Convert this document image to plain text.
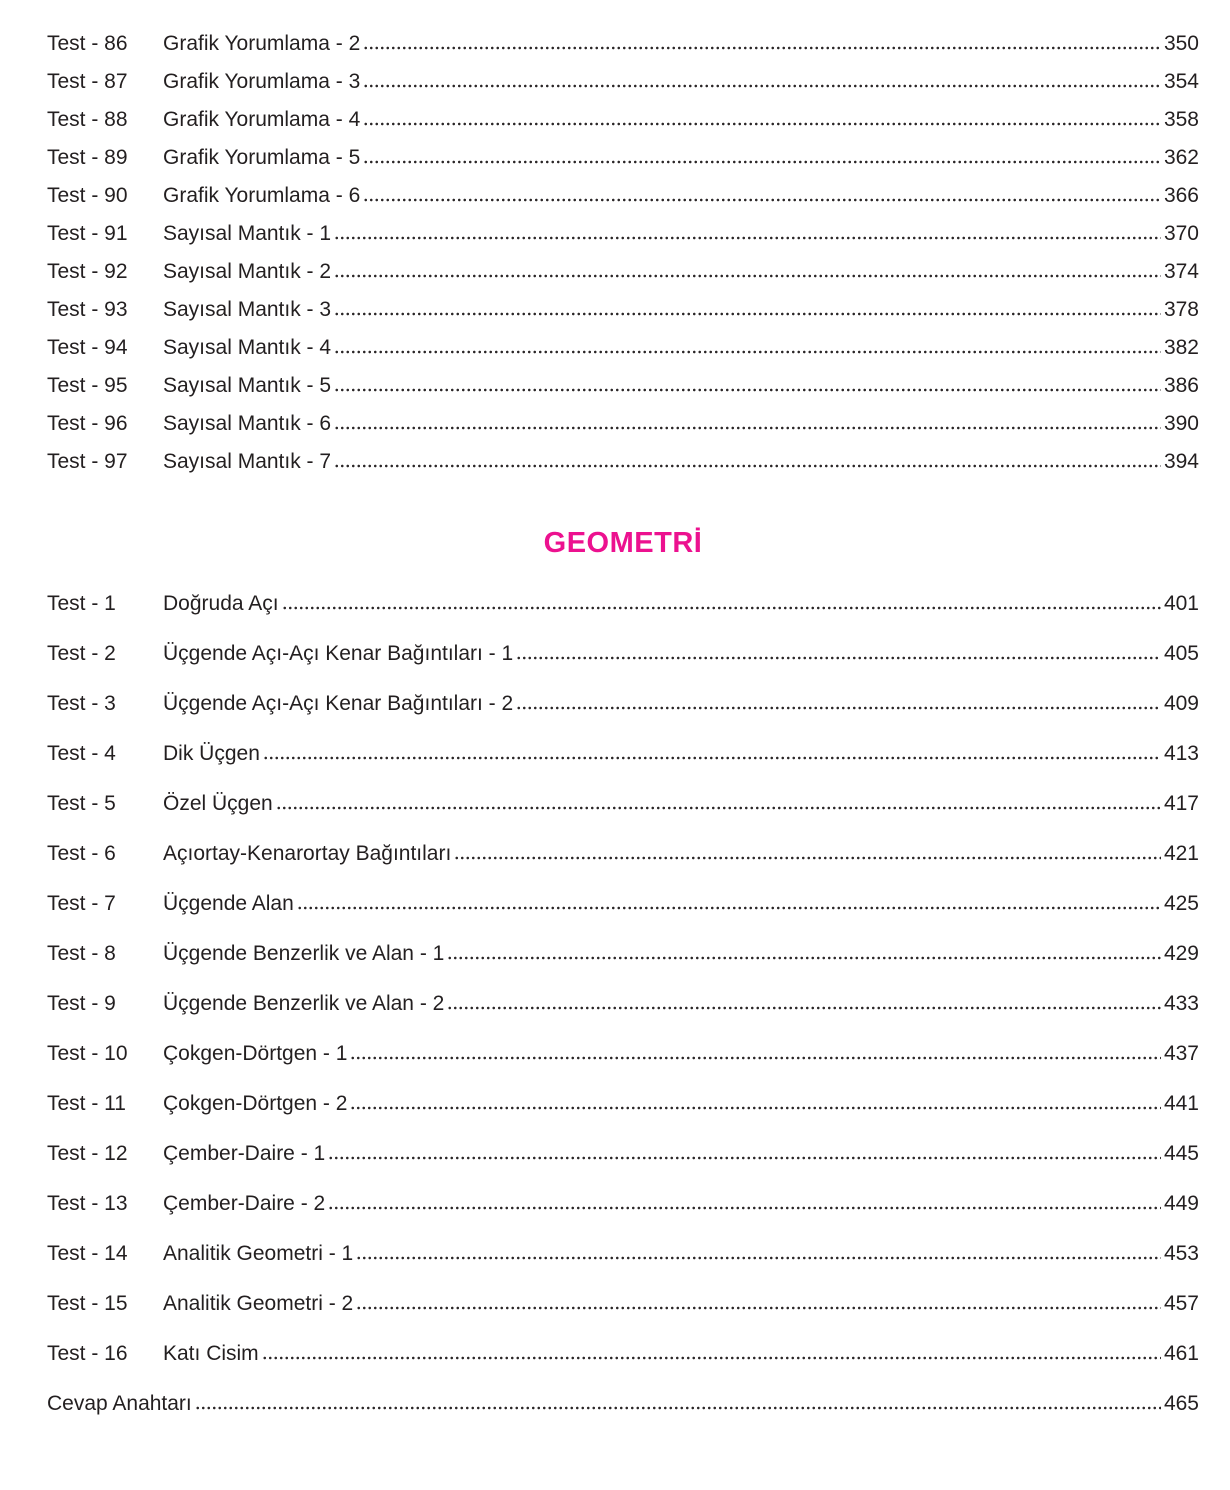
Test - 86	Grafik Yorumlama - 2	350
Test - 87	Grafik Yorumlama - 3	354
Test - 88	Grafik Yorumlama - 4	358
Test - 89	Grafik Yorumlama - 5	362
Test - 90	Grafik Yorumlama - 6	366
Test - 91	Sayısal Mantık - 1	370
Test - 92	Sayısal Mantık - 2	374
Test - 93	Sayısal Mantık - 3	378
Test - 94	Sayısal Mantık - 4	382
Test - 95	Sayısal Mantık - 5	386
Test - 96	Sayısal Mantık - 6	390
Test - 97	Sayısal Mantık - 7	394
GEOMETRİ
Test - 1	Doğruda Açı	401
Test - 2	Üçgende Açı-Açı Kenar Bağıntıları - 1	405
Test - 3	Üçgende Açı-Açı Kenar Bağıntıları - 2	409
Test - 4	Dik Üçgen	413
Test - 5	Özel Üçgen	417
Test - 6	Açıortay-Kenarortay Bağıntıları	421
Test - 7	Üçgende Alan	425
Test - 8	Üçgende Benzerlik ve Alan - 1	429
Test - 9	Üçgende Benzerlik ve Alan - 2	433
Test - 10	Çokgen-Dörtgen - 1	437
Test - 11	Çokgen-Dörtgen - 2	441
Test - 12	Çember-Daire - 1	445
Test - 13	Çember-Daire - 2	449
Test - 14	Analitik Geometri - 1	453
Test - 15	Analitik Geometri - 2	457
Test - 16	Katı Cisim	461
Cevap Anahtarı	465
